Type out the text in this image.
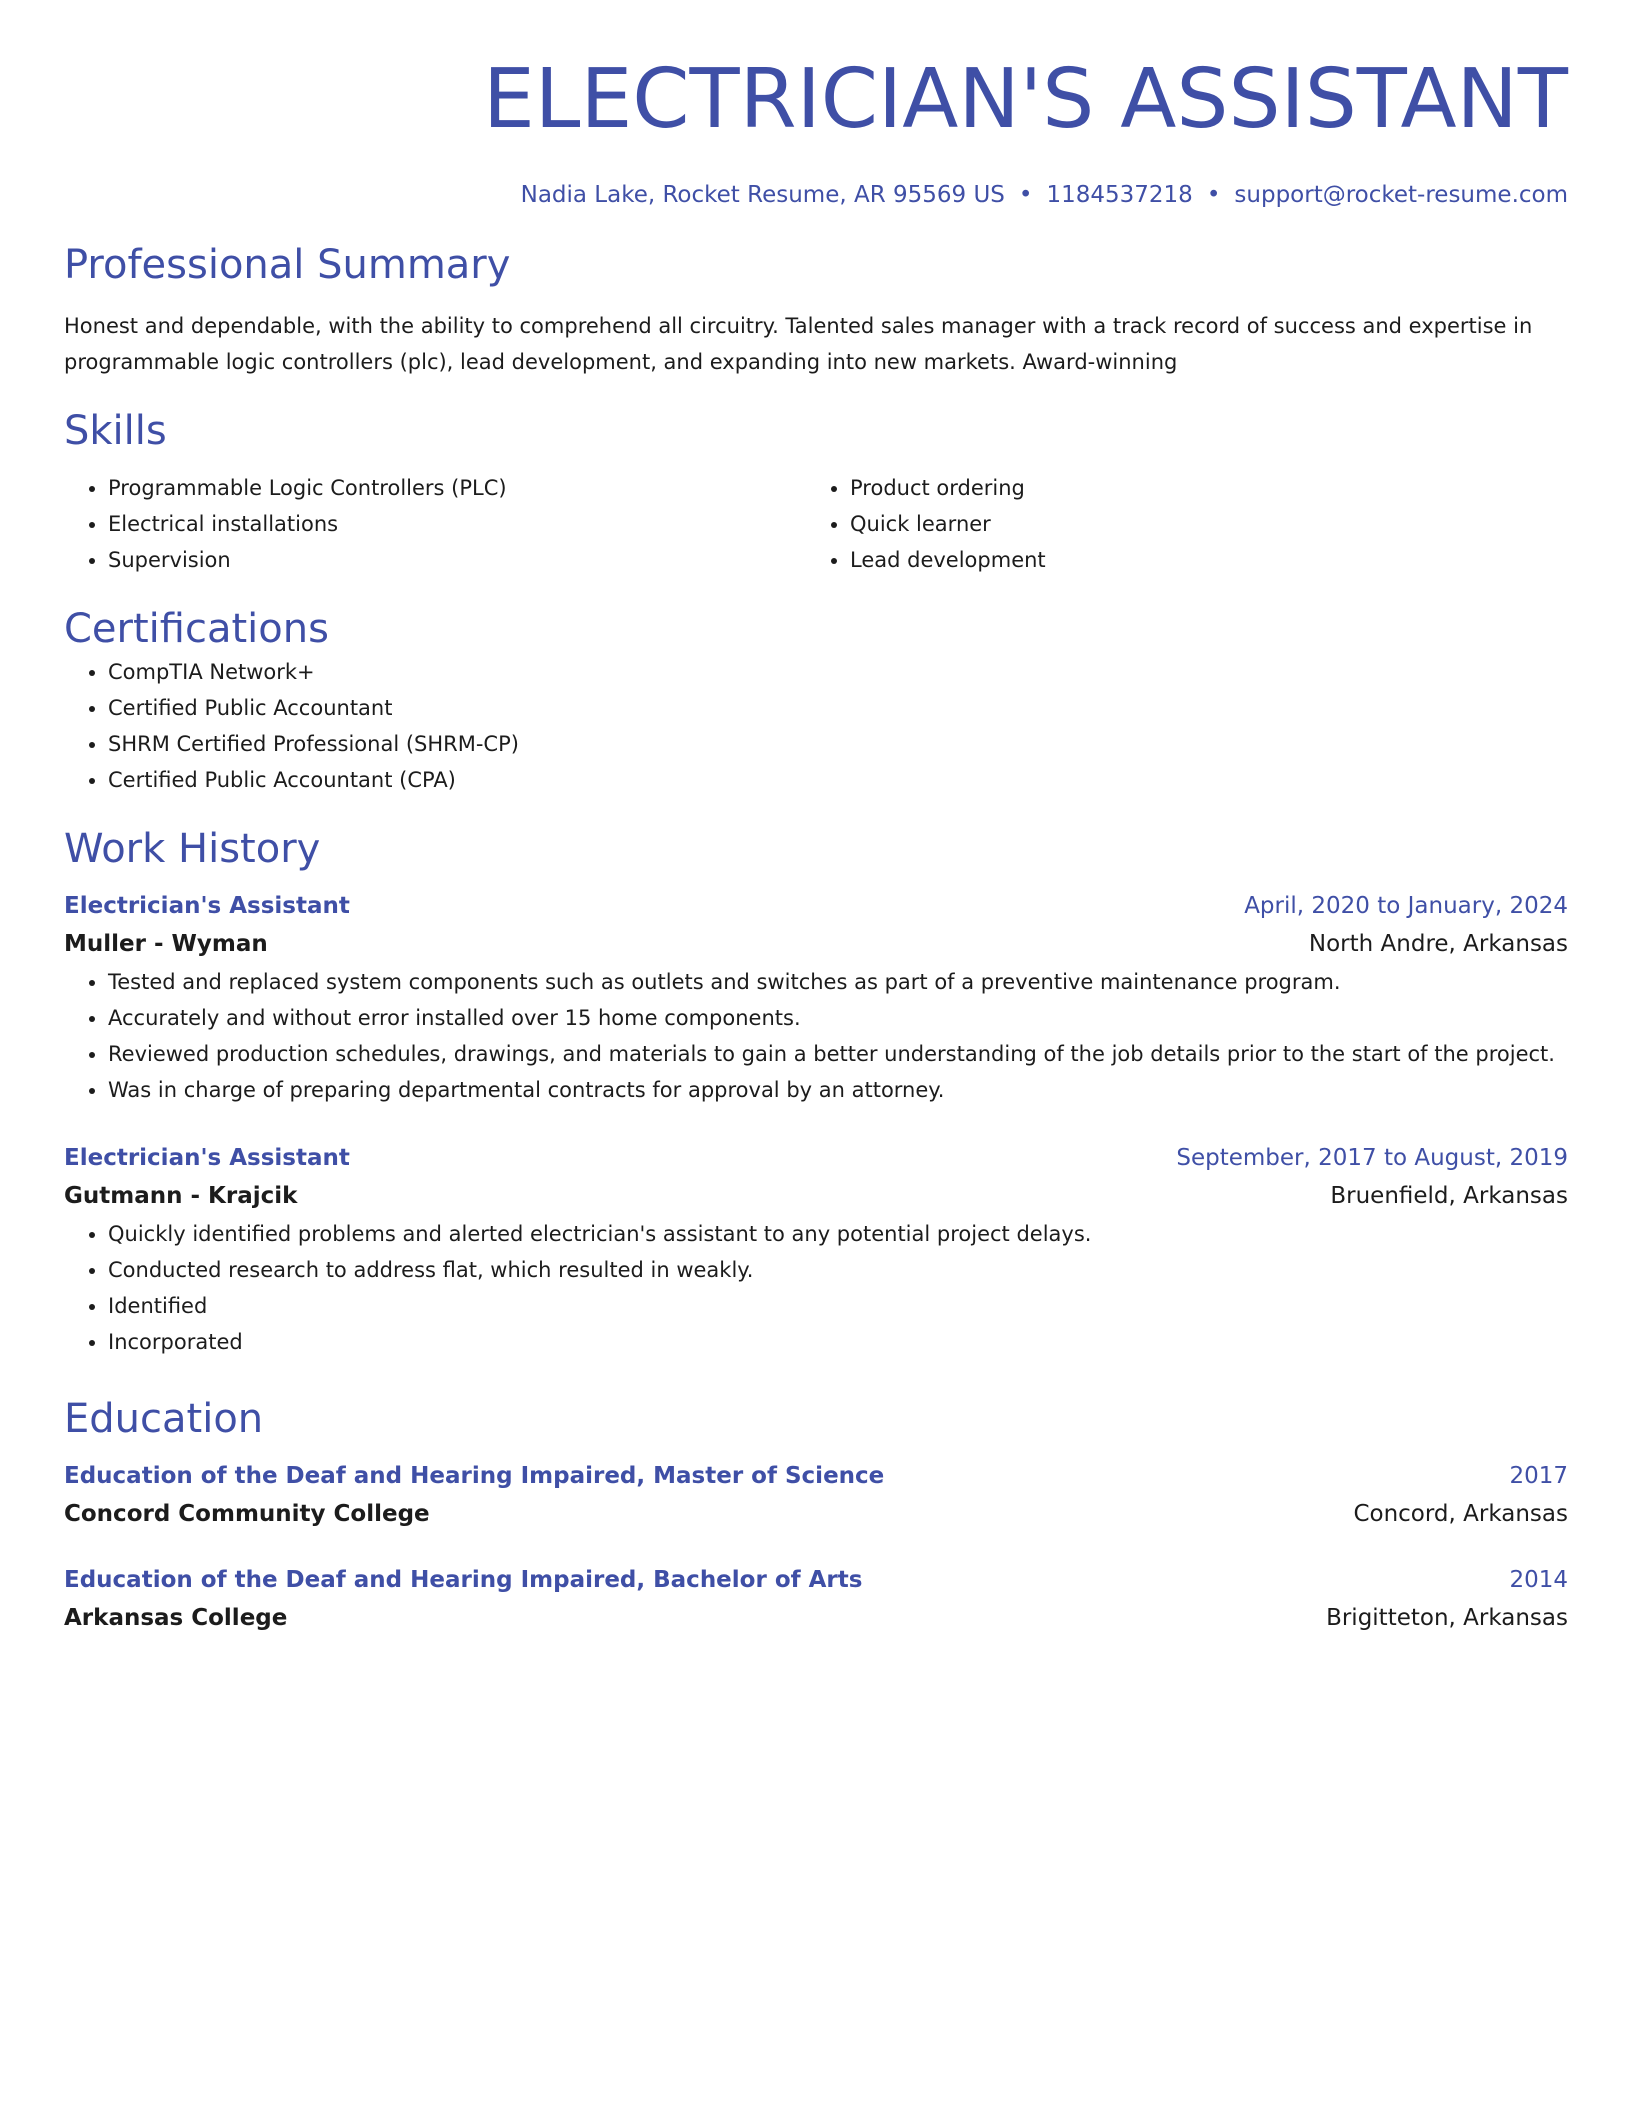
ELECTRICIAN'S ASSISTANT
Nadia Lake, Rocket Resume, AR 95569 US • 1184537218 • support@rocket-resume.com
Professional Summary
Honest and dependable, with the ability to comprehend all circuitry. Talented sales manager with a track record of success and expertise in programmable logic controllers (plc), lead development, and expanding into new markets. Award-winning
Skills
• Programmable Logic Controllers (PLC)
• Electrical installations
• Supervision
• Product ordering
• Quick learner
• Lead development
Certifications
• CompTIA Network+
• Certified Public Accountant
• SHRM Certified Professional (SHRM-CP)
• Certified Public Accountant (CPA)
Work History
Electrician's Assistant	April, 2020 to January, 2024
Muller - Wyman	North Andre, Arkansas
• Tested and replaced system components such as outlets and switches as part of a preventive maintenance program.
• Accurately and without error installed over 15 home components.
• Reviewed production schedules, drawings, and materials to gain a better understanding of the job details prior to the start of the project.
• Was in charge of preparing departmental contracts for approval by an attorney.
Electrician's Assistant	September, 2017 to August, 2019
Gutmann - Krajcik	Bruenfield, Arkansas
• Quickly identified problems and alerted electrician's assistant to any potential project delays.
• Conducted research to address flat, which resulted in weakly.
• Identified
• Incorporated
Education
Education of the Deaf and Hearing Impaired, Master of Science	2017
Concord Community College	Concord, Arkansas
Education of the Deaf and Hearing Impaired, Bachelor of Arts	2014
Arkansas College	Brigitteton, Arkansas
